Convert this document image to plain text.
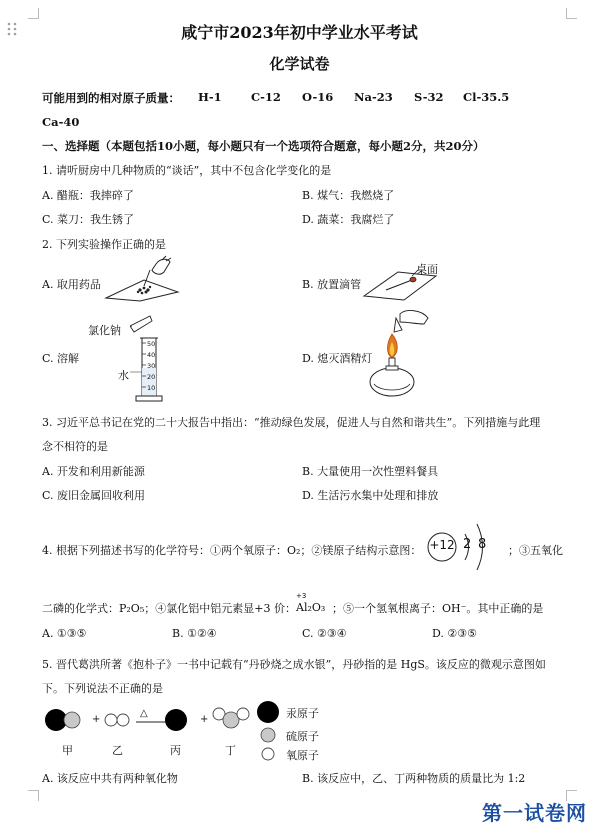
咸宁市2023年初中学业水平考试
化学试卷
可能用到的相对原子质量： H-1	C-12 O-16 Na-23 S-32 Cl-35.5
Ca-40
一、选择题（本题包括10小题，每小题只有一个选项符合题意，每小题2分，共20分）
1. 请听厨房中几种物质的“谈话”，其中不包含化学变化的是
A. 醋瓶：我摔碎了	B. 煤气：我燃烧了
C. 菜刀：我生锈了	D. 蔬菜：我腐烂了
2. 下列实验操作正确的是
A. 取用药品	B. 放置滴管
桌面
C. 溶解
氯化钠
水
50
40
30
20
10
D. 熄灭酒精灯
3. 习近平总书记在党的二十大报告中指出：“推动绿色发展，促进人与自然和谐共生”。下列措施与此理
念不相符的是
A. 开发和利用新能源	B. 大量使用一次性塑料餐具
C. 废旧金属回收利用	D. 生活污水集中处理和排放
4. 根据下列描述书写的化学符号：①两个氧原子：O₂；②镁原子结构示意图： +12 2 8 ；③五氧化
二磷的化学式：P₂O₅；④氯化铝中铝元素显+3 价：
+3
Al₂O₃ ；⑤一个氢氧根离子：OH⁻。其中正确的是
A. ①③⑤	B. ①②④	C. ②③④	D. ②③⑤
5. 晋代葛洪所著《抱朴子》一书中记载有“丹砂烧之成水银”，丹砂指的是 HgS。该反应的微观示意图如
下。下列说法不正确的是
+
△
+
甲	乙	丙	丁
汞原子
硫原子
氧原子
A. 该反应中共有两种氧化物	B. 该反应中，乙、丁两种物质的质量比为 1:2
第一试卷网
